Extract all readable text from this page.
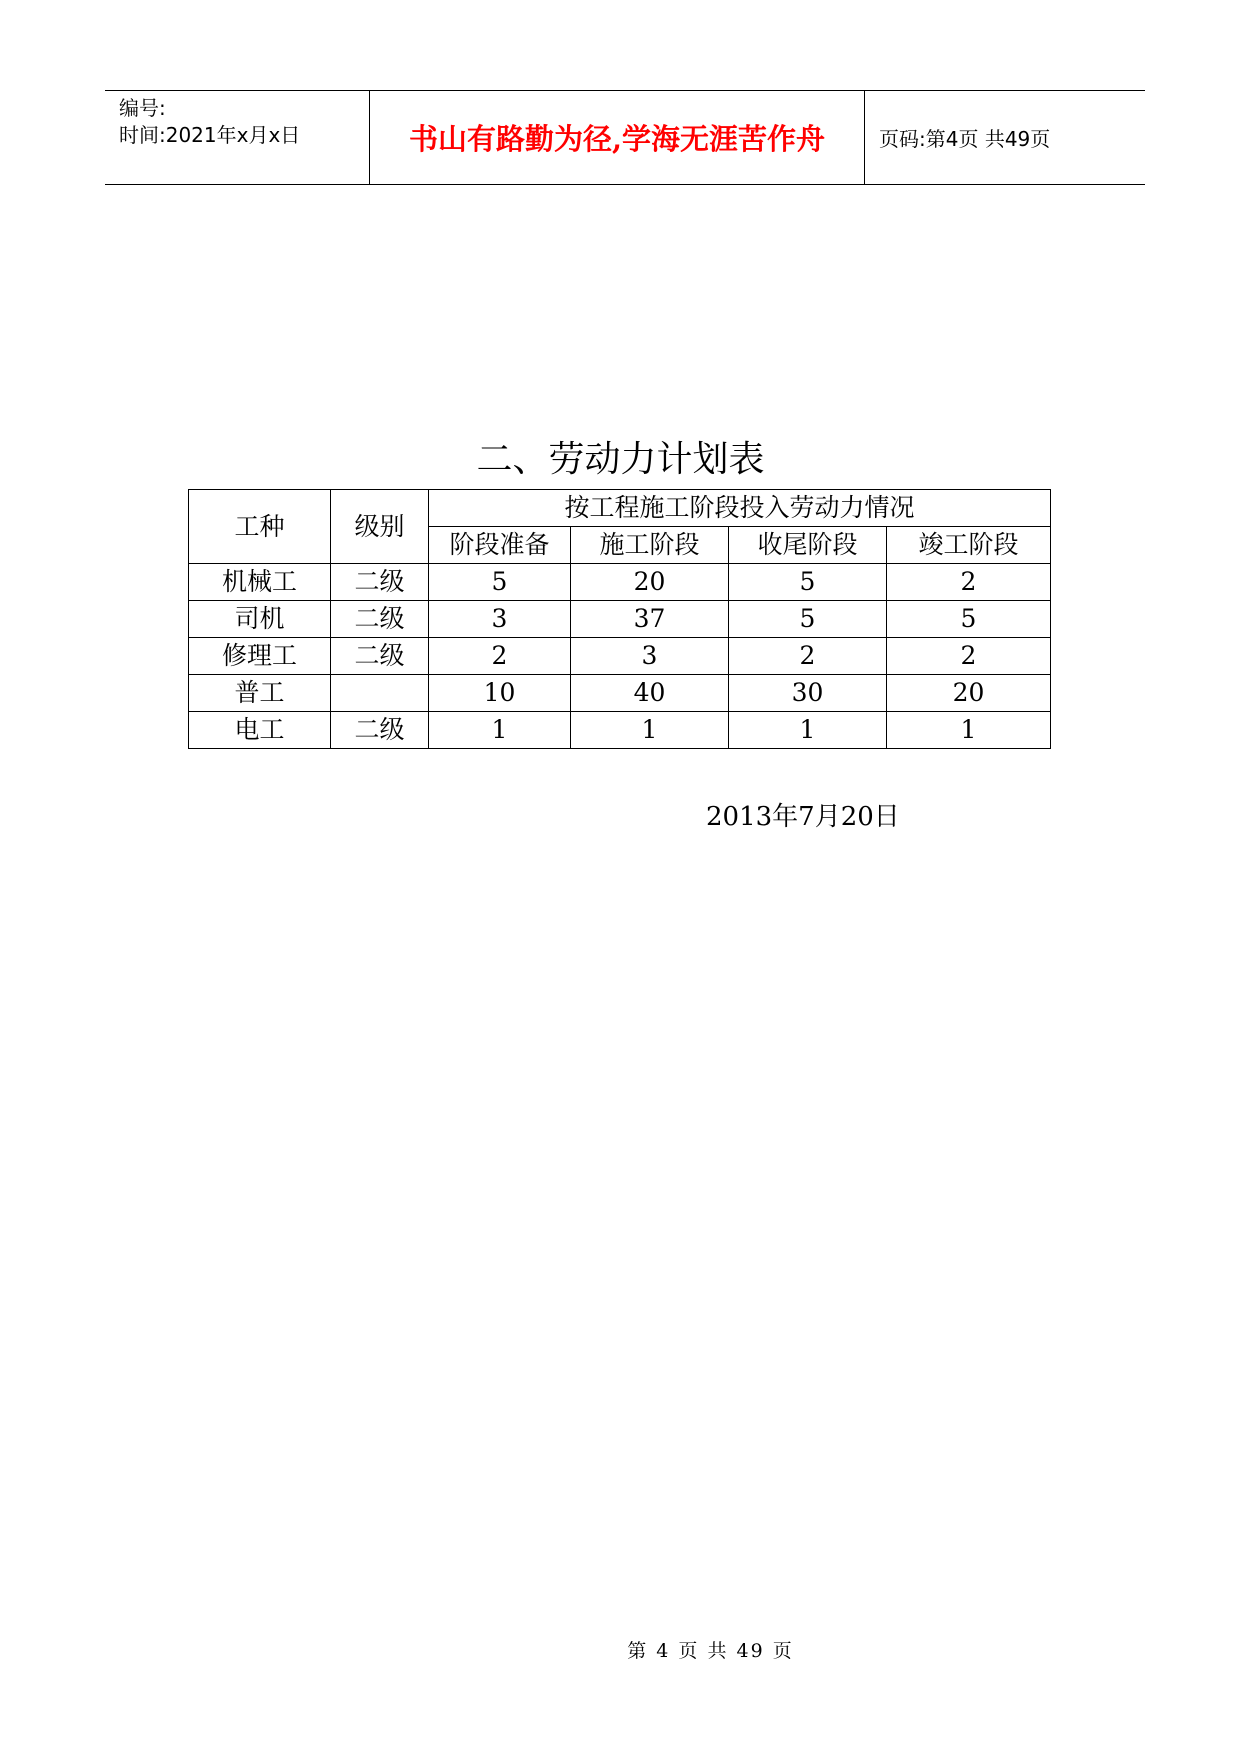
编号:
时间:2021年x月x日	书山有路勤为径,学海无涯苦作舟	页码:第4页 共49页
二、劳动力计划表
工种	级别	按工程施工阶段投入劳动力情况			
		阶段准备	施工阶段	收尾阶段	竣工阶段
机械工	二级	5	20	5	2
司机	二级	3	37	5	5
修理工	二级	2	3	2	2
普工		10	40	30	20
电工	二级	1	1	1	1
2013年7月20日
第 4 页 共 49 页
